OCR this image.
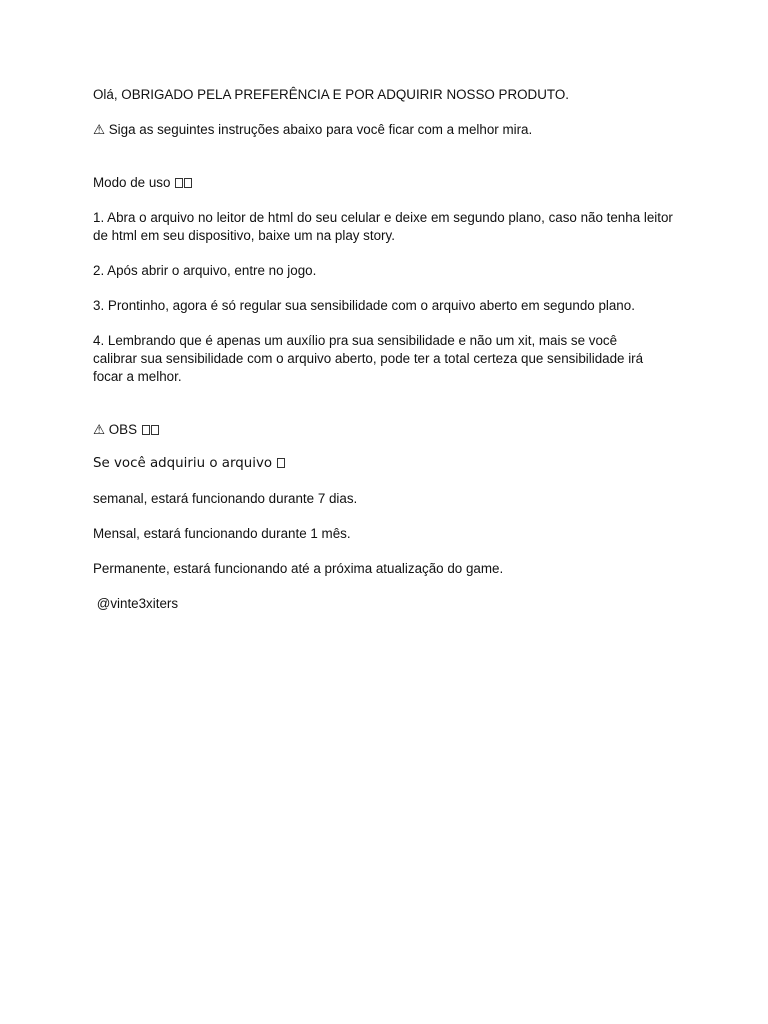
Olá, OBRIGADO PELA PREFERÊNCIA E POR ADQUIRIR NOSSO PRODUTO.

⚠ Siga as seguintes instruções abaixo para você ficar com a melhor mira.

Modo de uso

1. Abra o arquivo no leitor de html do seu celular e deixe em segundo plano, caso não tenha leitor de html em seu dispositivo, baixe um na play story.

2. Após abrir o arquivo, entre no jogo.

3. Prontinho, agora é só regular sua sensibilidade com o arquivo aberto em segundo plano.

4. Lembrando que é apenas um auxílio pra sua sensibilidade e não um xit, mais se você calibrar sua sensibilidade com o arquivo aberto, pode ter a total certeza que sensibilidade irá focar a melhor.

⚠ OBS

Se você adquiriu o arquivo

semanal, estará funcionando durante 7 dias.

Mensal, estará funcionando durante 1 mês.

Permanente, estará funcionando até a próxima atualização do game.

@vinte3xiters
